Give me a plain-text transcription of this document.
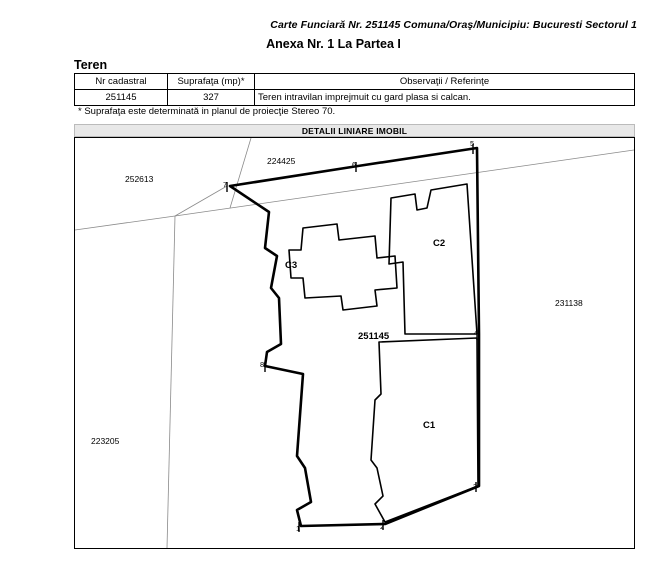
Carte Funciară Nr. 251145 Comuna/Oraş/Municipiu: Bucuresti Sectorul 1
Anexa Nr. 1 La Partea I
Teren
Nr cadastral	Suprafaţa (mp)*	Observaţii / Referinţe
251145	327	Teren intravilan imprejmuit cu gard plasa si calcan.
* Suprafaţa este determinată in planul de proiecţie Stereo 70.
DETALII LINIARE IMOBIL
252613
224425
231138
223205
C3
C2
C1
251145
5
6
7
8
1	2
3
4
